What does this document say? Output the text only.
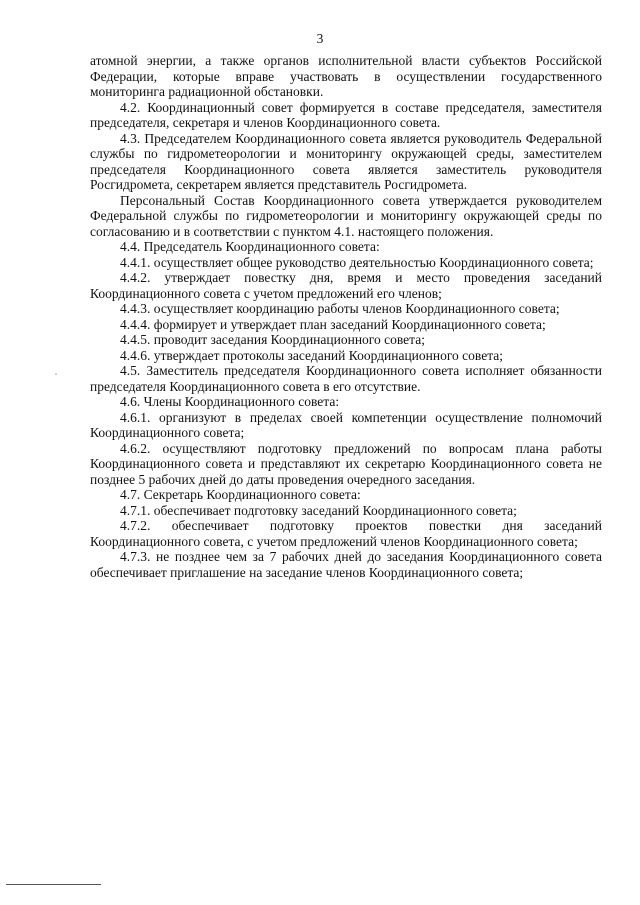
3

атомной энергии, а также органов исполнительной власти субъектов Российской Федерации, которые вправе участвовать в осуществлении государственного мониторинга радиационной обстановки.

4.2. Координационный совет формируется в составе председателя, заместителя председателя, секретаря и членов Координационного совета.

4.3. Председателем Координационного совета является руководитель Федеральной службы по гидрометеорологии и мониторингу окружающей среды, заместителем председателя Координационного совета является заместитель руководителя Росгидромета, секретарем является представитель Росгидромета.

Персональный Состав Координационного совета утверждается руководителем Федеральной службы по гидрометеорологии и мониторингу окружающей среды по согласованию и в соответствии с пунктом 4.1. настоящего положения.

4.4. Председатель Координационного совета:

4.4.1. осуществляет общее руководство деятельностью Координационного совета;

4.4.2. утверждает повестку дня, время и место проведения заседаний Координационного совета с учетом предложений его членов;

4.4.3. осуществляет координацию работы членов Координационного совета;

4.4.4. формирует и утверждает план заседаний Координационного совета;

4.4.5. проводит заседания Координационного совета;

4.4.6. утверждает протоколы заседаний Координационного совета;

4.5. Заместитель председателя Координационного совета исполняет обязанности председателя Координационного совета в его отсутствие.

4.6. Члены Координационного совета:

4.6.1. организуют в пределах своей компетенции осуществление полномочий Координационного совета;

4.6.2. осуществляют подготовку предложений по вопросам плана работы Координационного совета и представляют их секретарю Координационного совета не позднее 5 рабочих дней до даты проведения очередного заседания.

4.7. Секретарь Координационного совета:

4.7.1. обеспечивает подготовку заседаний Координационного совета;

4.7.2. обеспечивает подготовку проектов повестки дня заседаний Координационного совета, с учетом предложений членов Координационного совета;

4.7.3. не позднее чем за 7 рабочих дней до заседания Координационного совета обеспечивает приглашение на заседание членов Координационного совета;
